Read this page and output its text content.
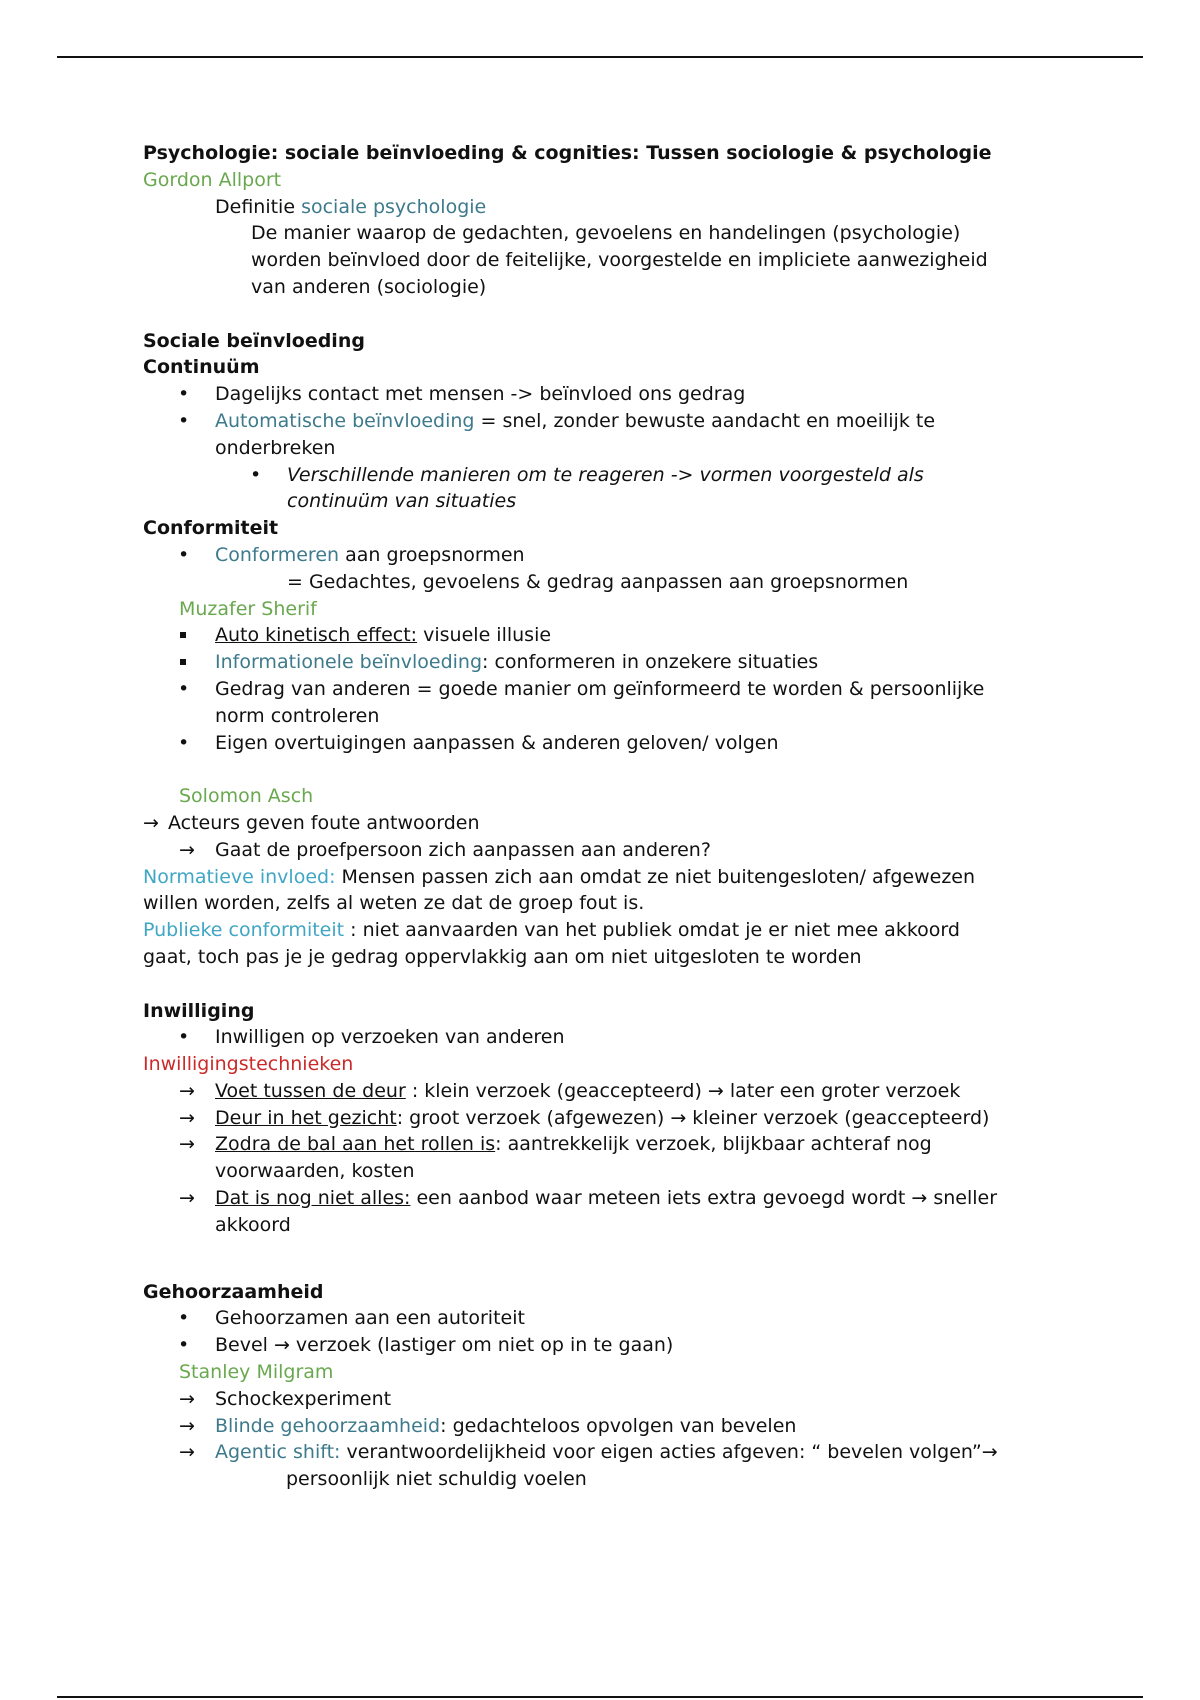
Psychologie: sociale beïnvloeding & cognities: Tussen sociologie & psychologie
Gordon Allport
Definitie sociale psychologie
De manier waarop de gedachten, gevoelens en handelingen (psychologie)
worden beïnvloed door de feitelijke, voorgestelde en impliciete aanwezigheid
van anderen (sociologie)
Sociale beïnvloeding
Continuüm
• Dagelijks contact met mensen -> beïnvloed ons gedrag
• Automatische beïnvloeding = snel, zonder bewuste aandacht en moeilijk te
onderbreken
• Verschillende manieren om te reageren -> vormen voorgesteld als
continuüm van situaties
Conformiteit
• Conformeren aan groepsnormen
= Gedachtes, gevoelens & gedrag aanpassen aan groepsnormen
Muzafer Sherif
Auto kinetisch effect: visuele illusie
Informationele beïnvloeding: conformeren in onzekere situaties
• Gedrag van anderen = goede manier om geïnformeerd te worden & persoonlijke
norm controleren
• Eigen overtuigingen aanpassen & anderen geloven/ volgen
Solomon Asch
→ Acteurs geven foute antwoorden
→ Gaat de proefpersoon zich aanpassen aan anderen?
Normatieve invloed: Mensen passen zich aan omdat ze niet buitengesloten/ afgewezen
willen worden, zelfs al weten ze dat de groep fout is.
Publieke conformiteit : niet aanvaarden van het publiek omdat je er niet mee akkoord
gaat, toch pas je je gedrag oppervlakkig aan om niet uitgesloten te worden
Inwilliging
• Inwilligen op verzoeken van anderen
Inwilligingstechnieken
→ Voet tussen de deur : klein verzoek (geaccepteerd) → later een groter verzoek
→ Deur in het gezicht: groot verzoek (afgewezen) → kleiner verzoek (geaccepteerd)
→ Zodra de bal aan het rollen is: aantrekkelijk verzoek, blijkbaar achteraf nog
voorwaarden, kosten
→ Dat is nog niet alles: een aanbod waar meteen iets extra gevoegd wordt → sneller
akkoord
Gehoorzaamheid
• Gehoorzamen aan een autoriteit
• Bevel → verzoek (lastiger om niet op in te gaan)
Stanley Milgram
→ Schockexperiment
→ Blinde gehoorzaamheid: gedachteloos opvolgen van bevelen
→ Agentic shift: verantwoordelijkheid voor eigen acties afgeven: “ bevelen volgen”→
persoonlijk niet schuldig voelen
